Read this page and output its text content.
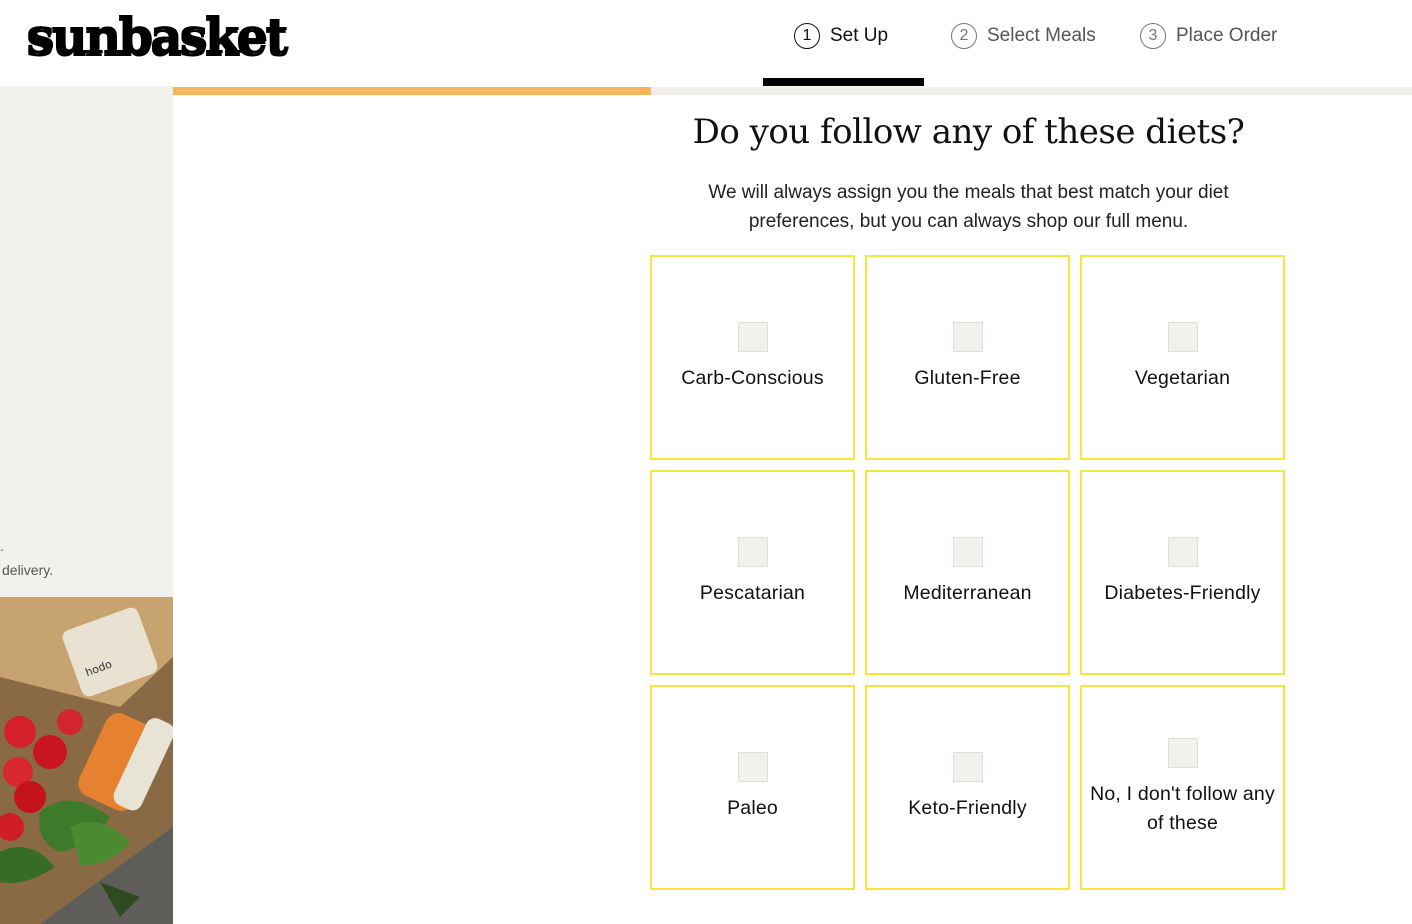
sunbasket	1 Set Up	2 Select Meals	3 Place Order
.
delivery.
hodo
Do you follow any of these diets?
We will always assign you the meals that best match your diet preferences, but you can always shop our full menu.
Carb-Conscious	Gluten-Free	Vegetarian
Pescatarian	Mediterranean	Diabetes-Friendly
Paleo	Keto-Friendly
No, I don't follow any of these
